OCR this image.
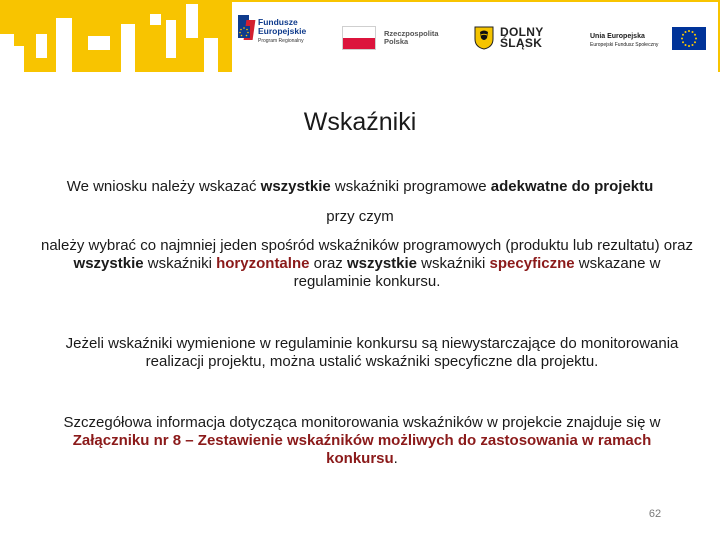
Fundusze
Europejskie
Program Regionalny
Rzeczpospolita
Polska
DOLNY
ŚLĄSK	Unia Europejska
Europejski Fundusz Społeczny
Wskaźniki
We wniosku należy wskazać wszystkie wskaźniki programowe adekwatne do projektu
przy czym
należy wybrać co najmniej jeden spośród wskaźników programowych (produktu lub rezultatu) oraz wszystkie wskaźniki horyzontalne oraz wszystkie wskaźniki specyficzne wskazane w regulaminie konkursu.
Jeżeli wskaźniki wymienione w regulaminie konkursu są niewystarczające do monitorowania realizacji projektu, można ustalić wskaźniki specyficzne dla projektu.
Szczegółowa informacja dotycząca monitorowania wskaźników w projekcie znajduje się w Załączniku nr 8 – Zestawienie wskaźników możliwych do zastosowania w ramach konkursu.
62
